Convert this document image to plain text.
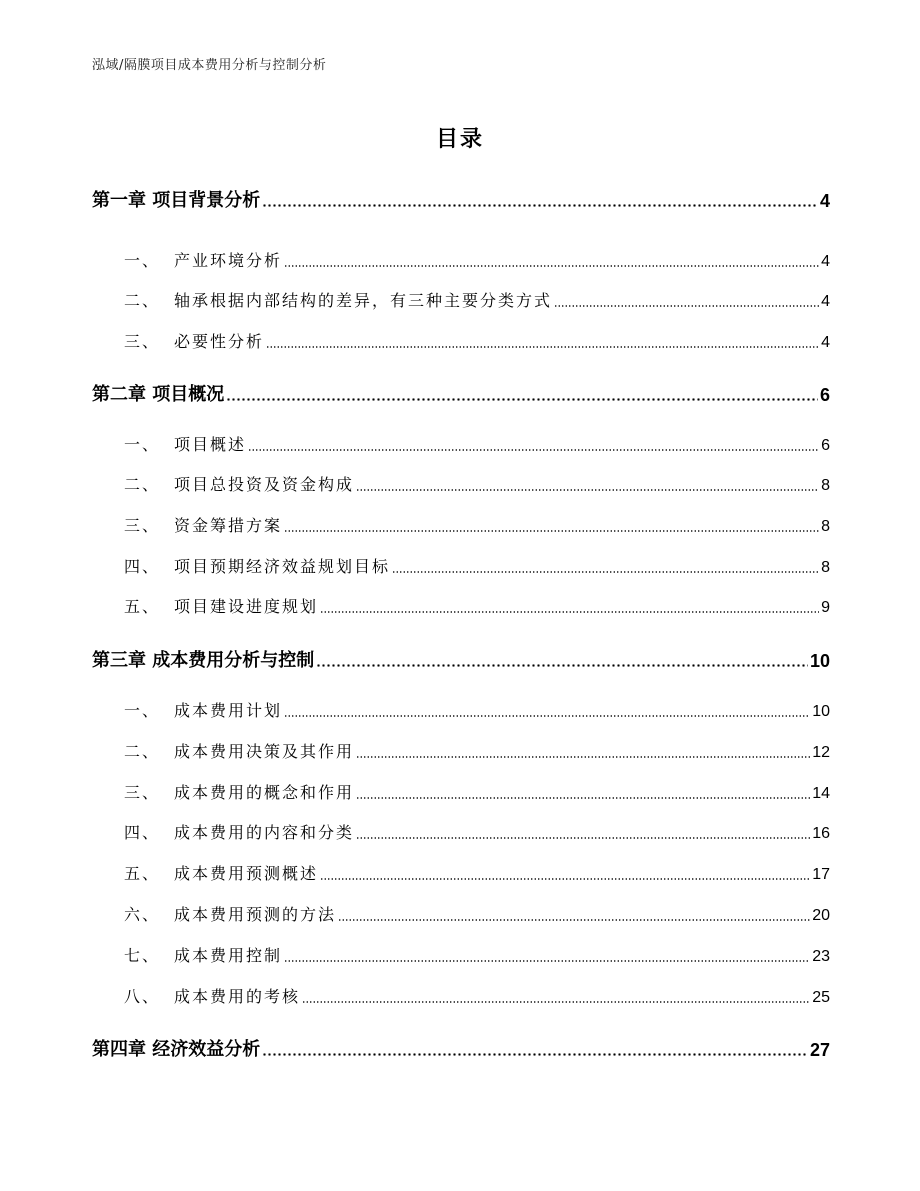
泓域/隔膜项目成本费用分析与控制分析
目录
第一章 项目背景分析	4
一、 产业环境分析	4
二、 轴承根据内部结构的差异，有三种主要分类方式	4
三、 必要性分析	4
第二章 项目概况	6
一、 项目概述	6
二、 项目总投资及资金构成	8
三、 资金筹措方案	8
四、 项目预期经济效益规划目标	8
五、 项目建设进度规划	9
第三章 成本费用分析与控制	10
一、 成本费用计划	10
二、 成本费用决策及其作用	12
三、 成本费用的概念和作用	14
四、 成本费用的内容和分类	16
五、 成本费用预测概述	17
六、 成本费用预测的方法	20
七、 成本费用控制	23
八、 成本费用的考核	25
第四章 经济效益分析	27
